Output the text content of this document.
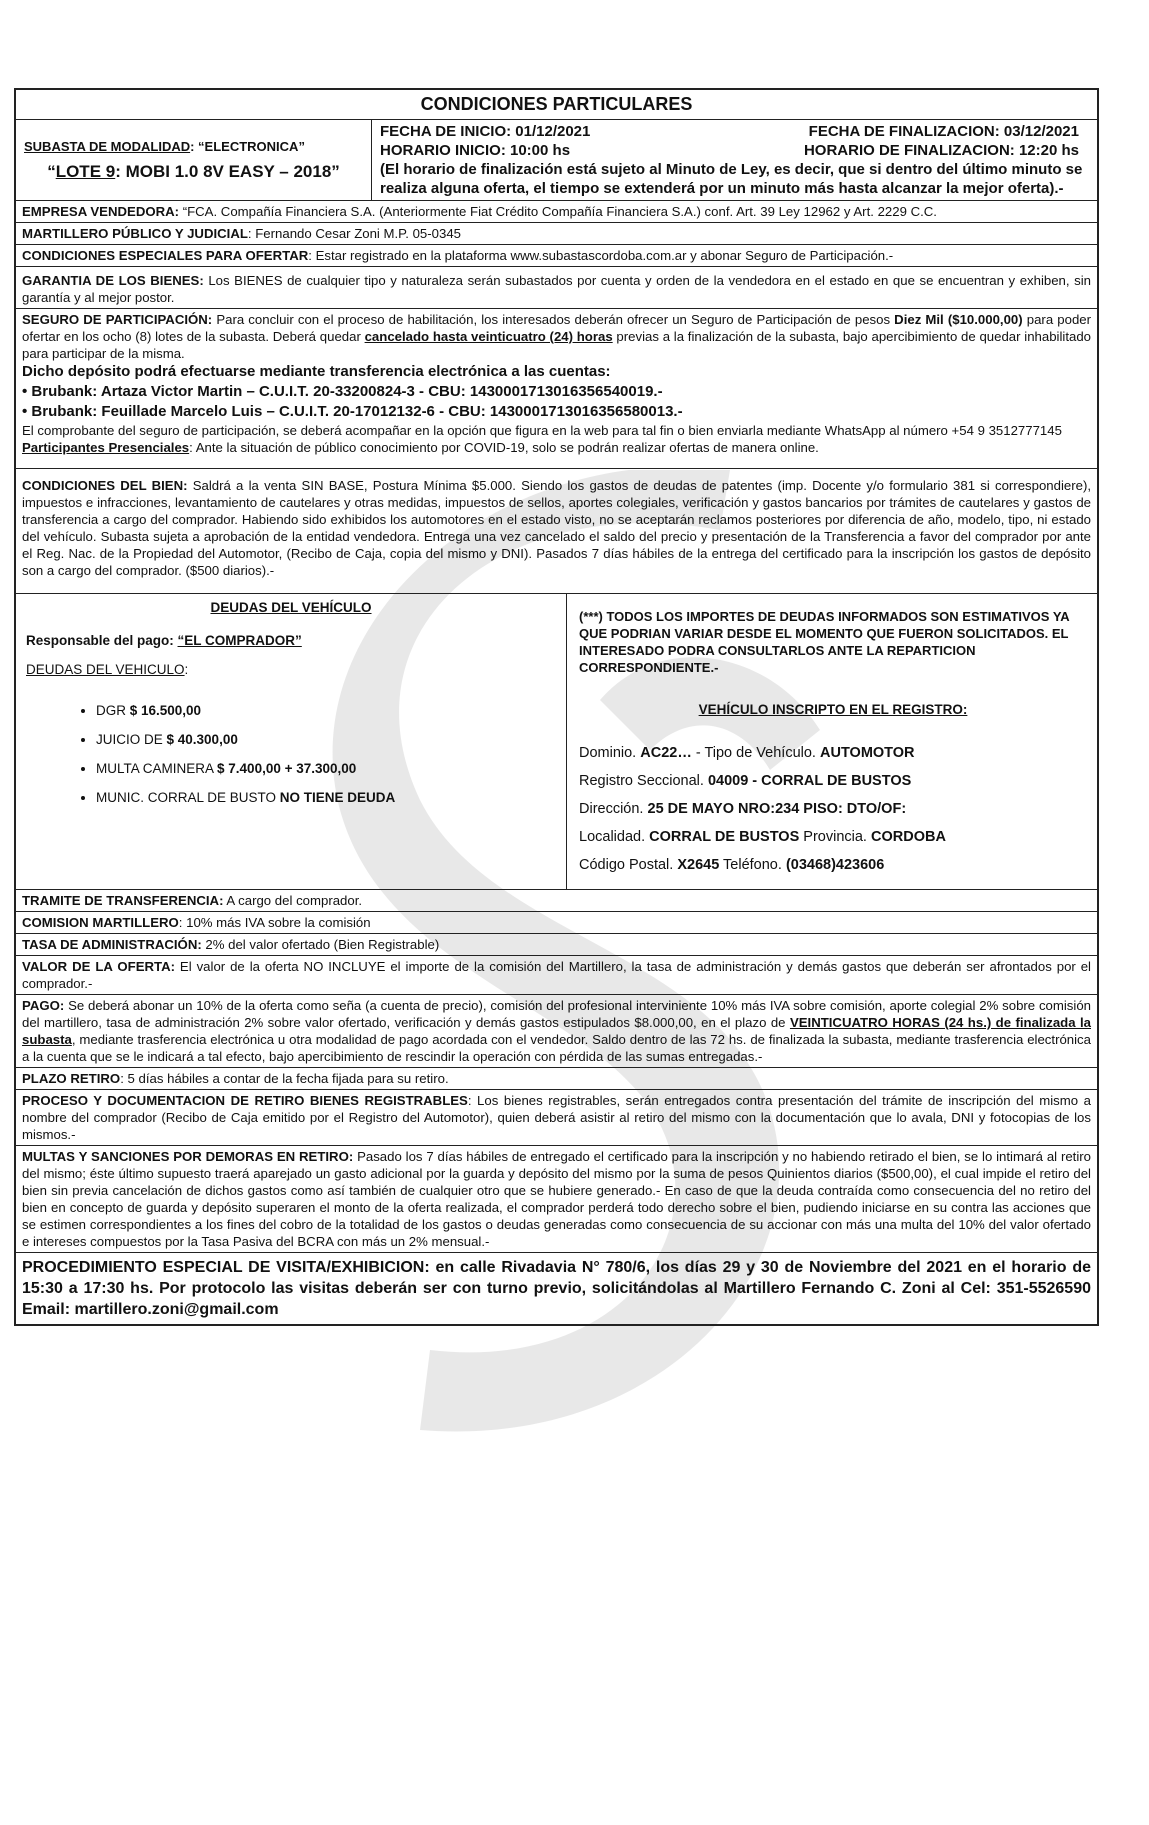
CONDICIONES PARTICULARES
SUBASTA DE MODALIDAD: “ELECTRONICA”
“LOTE 9: MOBI 1.0 8V EASY – 2018”
FECHA DE INICIO: 01/12/2021	FECHA DE FINALIZACION: 03/12/2021
HORARIO INICIO: 10:00 hs	HORARIO DE FINALIZACION: 12:20 hs
(El horario de finalización está sujeto al Minuto de Ley, es decir, que si dentro del último minuto se realiza alguna oferta, el tiempo se extenderá por un minuto más hasta alcanzar la mejor oferta).-
EMPRESA VENDEDORA: “FCA. Compañía Financiera S.A. (Anteriormente Fiat Crédito Compañía Financiera S.A.) conf. Art. 39 Ley 12962 y Art. 2229 C.C.
MARTILLERO PÚBLICO Y JUDICIAL: Fernando Cesar Zoni M.P. 05-0345
CONDICIONES ESPECIALES PARA OFERTAR: Estar registrado en la plataforma www.subastascordoba.com.ar y abonar Seguro de Participación.-
GARANTIA DE LOS BIENES: Los BIENES de cualquier tipo y naturaleza serán subastados por cuenta y orden de la vendedora en el estado en que se encuentran y exhiben, sin garantía y al mejor postor.
SEGURO DE PARTICIPACIÓN: Para concluir con el proceso de habilitación, los interesados deberán ofrecer un Seguro de Participación de pesos Diez Mil ($10.000,00) para poder ofertar en los ocho (8) lotes de la subasta. Deberá quedar cancelado hasta veinticuatro (24) horas previas a la finalización de la subasta, bajo apercibimiento de quedar inhabilitado para participar de la misma.
Dicho depósito podrá efectuarse mediante transferencia electrónica a las cuentas:
• Brubank: Artaza Victor Martin – C.U.I.T. 20-33200824-3 - CBU: 1430001713016356540019.-
• Brubank: Feuillade Marcelo Luis – C.U.I.T. 20-17012132-6 - CBU: 1430001713016356580013.-
El comprobante del seguro de participación, se deberá acompañar en la opción que figura en la web para tal fin o bien enviarla mediante WhatsApp al número +54 9 3512777145
Participantes Presenciales: Ante la situación de público conocimiento por COVID-19, solo se podrán realizar ofertas de manera online.
CONDICIONES DEL BIEN: Saldrá a la venta SIN BASE, Postura Mínima $5.000. Siendo los gastos de deudas de patentes (imp. Docente y/o formulario 381 si correspondiere), impuestos e infracciones, levantamiento de cautelares y otras medidas, impuestos de sellos, aportes colegiales, verificación y gastos bancarios por trámites de cautelares y gastos de transferencia a cargo del comprador. Habiendo sido exhibidos los automotores en el estado visto, no se aceptarán reclamos posteriores por diferencia de año, modelo, tipo, ni estado del vehículo. Subasta sujeta a aprobación de la entidad vendedora. Entrega una vez cancelado el saldo del precio y presentación de la Transferencia a favor del comprador por ante el Reg. Nac. de la Propiedad del Automotor, (Recibo de Caja, copia del mismo y DNI). Pasados 7 días hábiles de la entrega del certificado para la inscripción los gastos de depósito son a cargo del comprador. ($500 diarios).-
DEUDAS DEL VEHÍCULO
Responsable del pago: “EL COMPRADOR”
DEUDAS DEL VEHICULO:
• DGR $ 16.500,00
• JUICIO DE $ 40.300,00
• MULTA CAMINERA $ 7.400,00 + 37.300,00
• MUNIC. CORRAL DE BUSTO NO TIENE DEUDA
(***) TODOS LOS IMPORTES DE DEUDAS INFORMADOS SON ESTIMATIVOS YA QUE PODRIAN VARIAR DESDE EL MOMENTO QUE FUERON SOLICITADOS. EL INTERESADO PODRA CONSULTARLOS ANTE LA REPARTICION CORRESPONDIENTE.-
VEHÍCULO INSCRIPTO EN EL REGISTRO:
Dominio. AC22… - Tipo de Vehículo. AUTOMOTOR
Registro Seccional. 04009 - CORRAL DE BUSTOS
Dirección. 25 DE MAYO NRO:234 PISO: DTO/OF:
Localidad. CORRAL DE BUSTOS Provincia. CORDOBA
Código Postal. X2645 Teléfono. (03468)423606
TRAMITE DE TRANSFERENCIA: A cargo del comprador.
COMISION MARTILLERO: 10% más IVA sobre la comisión
TASA DE ADMINISTRACIÓN: 2% del valor ofertado (Bien Registrable)
VALOR DE LA OFERTA: El valor de la oferta NO INCLUYE el importe de la comisión del Martillero, la tasa de administración y demás gastos que deberán ser afrontados por el comprador.-
PAGO: Se deberá abonar un 10% de la oferta como seña (a cuenta de precio), comisión del profesional interviniente 10% más IVA sobre comisión, aporte colegial 2% sobre comisión del martillero, tasa de administración 2% sobre valor ofertado, verificación y demás gastos estipulados $8.000,00, en el plazo de VEINTICUATRO HORAS (24 hs.) de finalizada la subasta, mediante trasferencia electrónica u otra modalidad de pago acordada con el vendedor. Saldo dentro de las 72 hs. de finalizada la subasta, mediante trasferencia electrónica a la cuenta que se le indicará a tal efecto, bajo apercibimiento de rescindir la operación con pérdida de las sumas entregadas.-
PLAZO RETIRO: 5 días hábiles a contar de la fecha fijada para su retiro.
PROCESO Y DOCUMENTACION DE RETIRO BIENES REGISTRABLES: Los bienes registrables, serán entregados contra presentación del trámite de inscripción del mismo a nombre del comprador (Recibo de Caja emitido por el Registro del Automotor), quien deberá asistir al retiro del mismo con la documentación que lo avala, DNI y fotocopias de los mismos.-
MULTAS Y SANCIONES POR DEMORAS EN RETIRO: Pasado los 7 días hábiles de entregado el certificado para la inscripción y no habiendo retirado el bien, se lo intimará al retiro del mismo; éste último supuesto traerá aparejado un gasto adicional por la guarda y depósito del mismo por la suma de pesos Quinientos diarios ($500,00), el cual impide el retiro del bien sin previa cancelación de dichos gastos como así también de cualquier otro que se hubiere generado.- En caso de que la deuda contraída como consecuencia del no retiro del bien en concepto de guarda y depósito superaren el monto de la oferta realizada, el comprador perderá todo derecho sobre el bien, pudiendo iniciarse en su contra las acciones que se estimen correspondientes a los fines del cobro de la totalidad de los gastos o deudas generadas como consecuencia de su accionar con más una multa del 10% del valor ofertado e intereses compuestos por la Tasa Pasiva del BCRA con más un 2% mensual.-
PROCEDIMIENTO ESPECIAL DE VISITA/EXHIBICION: en calle Rivadavia N° 780/6, los días 29 y 30 de Noviembre del 2021 en el horario de 15:30 a 17:30 hs. Por protocolo las visitas deberán ser con turno previo, solicitándolas al Martillero Fernando C. Zoni al Cel: 351-5526590 Email: martillero.zoni@gmail.com
